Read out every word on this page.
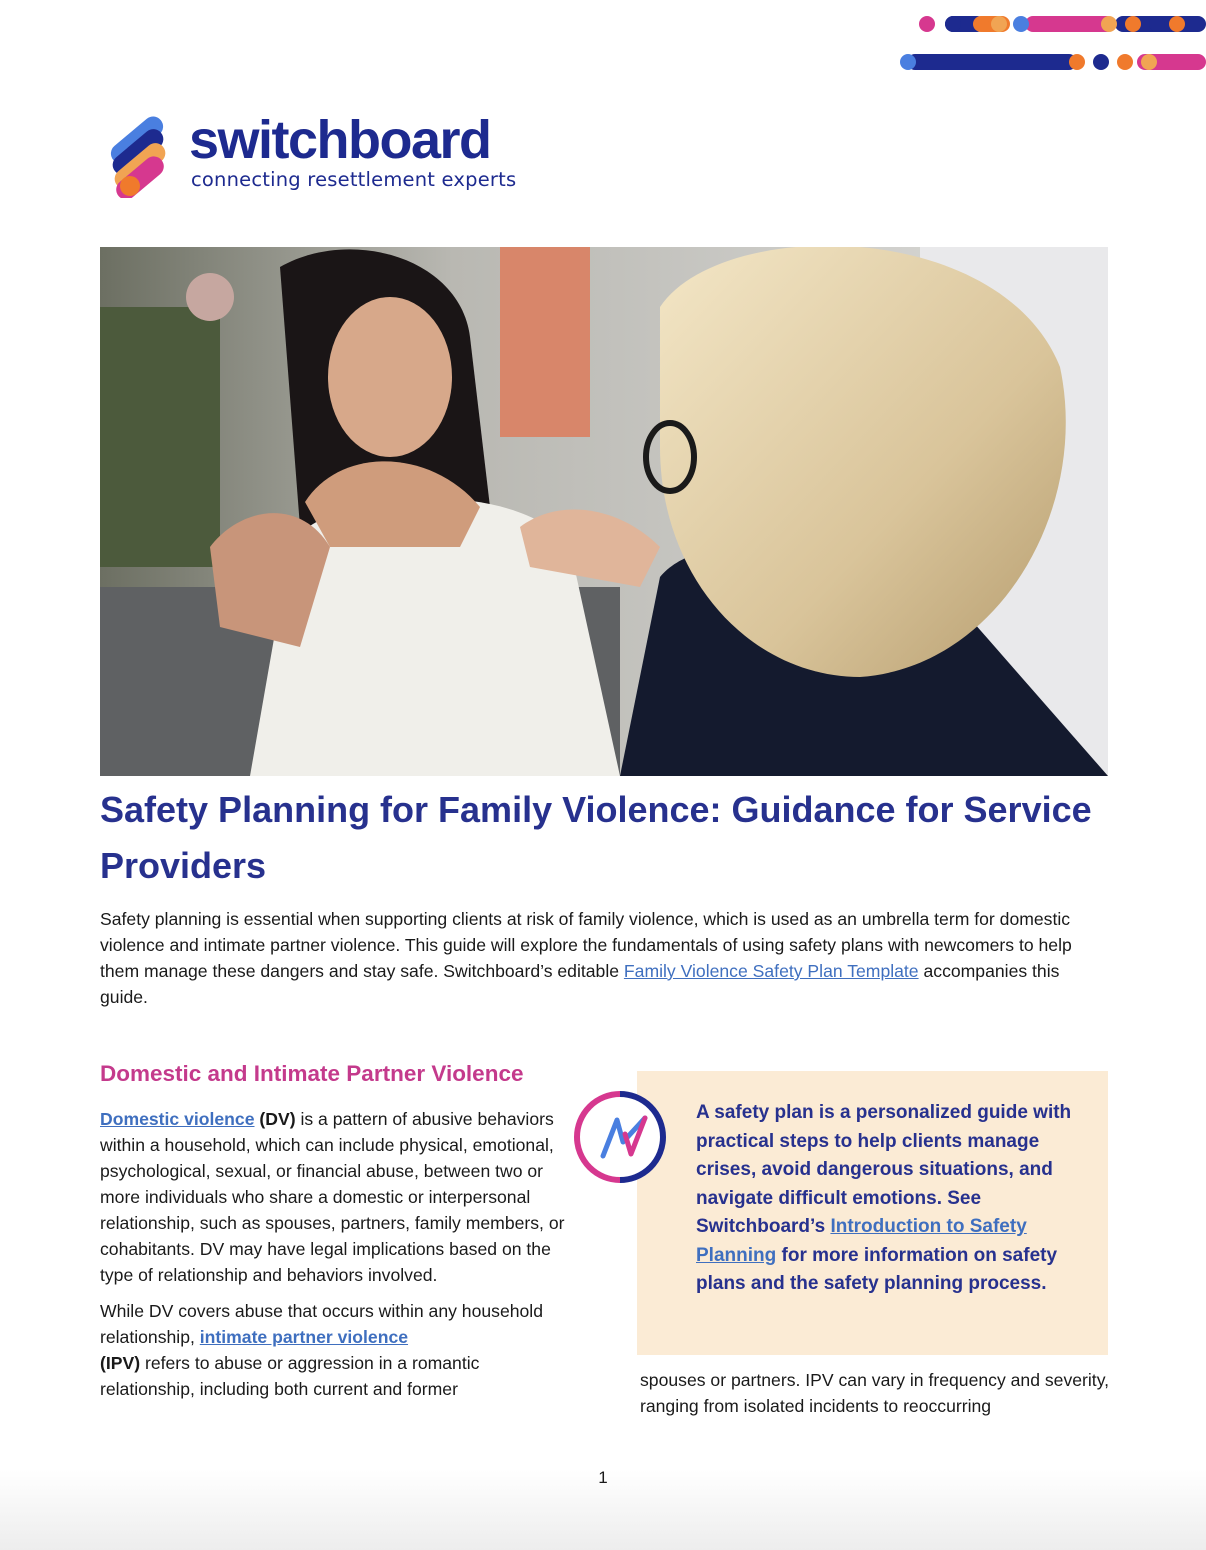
switchboard
connecting resettlement experts
Safety Planning for Family Violence: Guidance for Service Providers

Safety planning is essential when supporting clients at risk of family violence, which is used as an umbrella term for domestic violence and intimate partner violence. This guide will explore the fundamentals of using safety plans with newcomers to help them manage these dangers and stay safe. Switchboard’s editable Family Violence Safety Plan Template accompanies this guide.

Domestic and Intimate Partner Violence

Domestic violence (DV) is a pattern of abusive behaviors within a household, which can include physical, emotional, psychological, sexual, or financial abuse, between two or more individuals who share a domestic or interpersonal relationship, such as spouses, partners, family members, or cohabitants. DV may have legal implications based on the type of relationship and behaviors involved.

While DV covers abuse that occurs within any household relationship, intimate partner violence
(IPV) refers to abuse or aggression in a romantic relationship, including both current and former

A safety plan is a personalized guide with practical steps to help clients manage crises, avoid dangerous situations, and navigate difficult emotions. See Switchboard’s Introduction to Safety Planning for more information on safety plans and the safety planning process.

spouses or partners. IPV can vary in frequency and severity, ranging from isolated incidents to reoccurring

1
